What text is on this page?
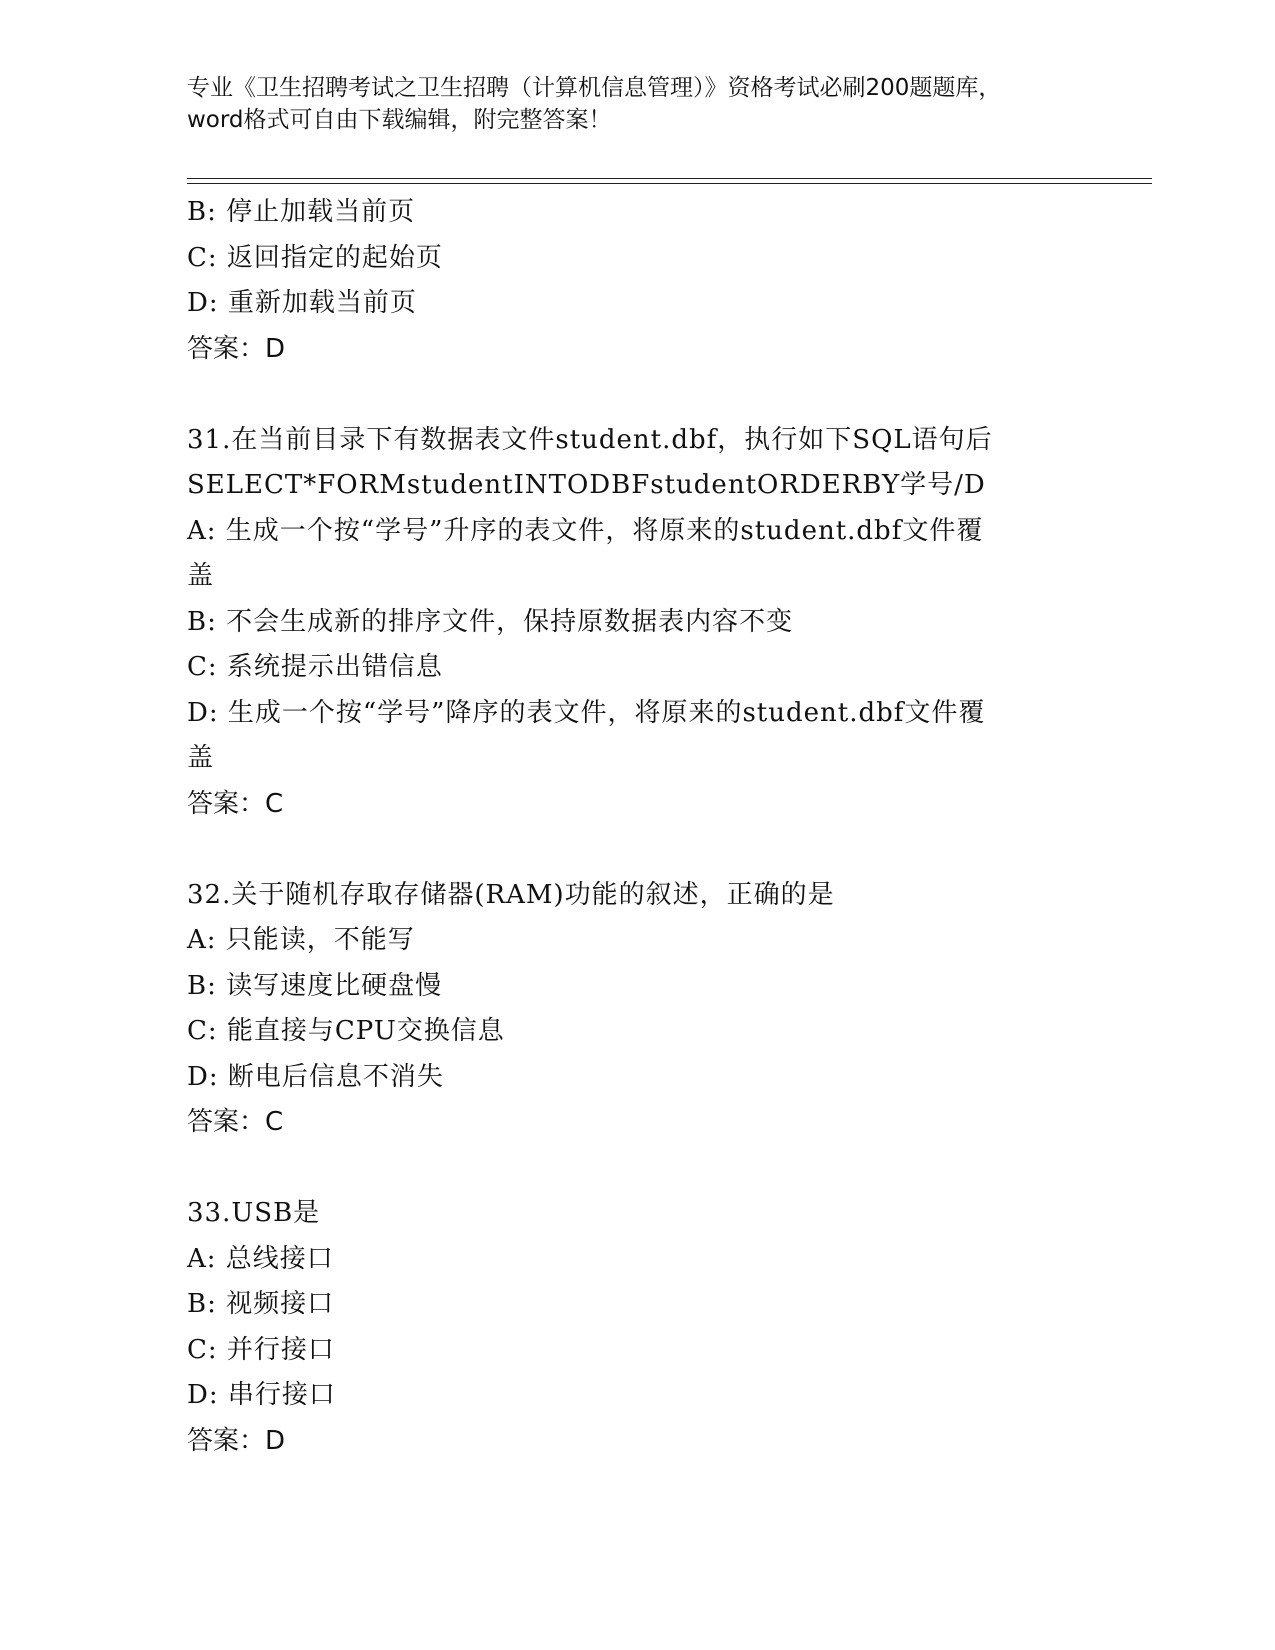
专业《卫生招聘考试之卫生招聘（计算机信息管理）》资格考试必刷200题题库，
word格式可自由下载编辑，附完整答案！
B: 停止加载当前页
C: 返回指定的起始页
D: 重新加载当前页
答案：D
31.在当前目录下有数据表文件student.dbf，执行如下SQL语句后
SELECT*FORMstudentINTODBFstudentORDERBY学号/D
A: 生成一个按“学号”升序的表文件，将原来的student.dbf文件覆
盖
B: 不会生成新的排序文件，保持原数据表内容不变
C: 系统提示出错信息
D: 生成一个按“学号”降序的表文件，将原来的student.dbf文件覆
盖
答案：C
32.关于随机存取存储器(RAM)功能的叙述，正确的是
A: 只能读，不能写
B: 读写速度比硬盘慢
C: 能直接与CPU交换信息
D: 断电后信息不消失
答案：C
33.USB是
A: 总线接口
B: 视频接口
C: 并行接口
D: 串行接口
答案：D
